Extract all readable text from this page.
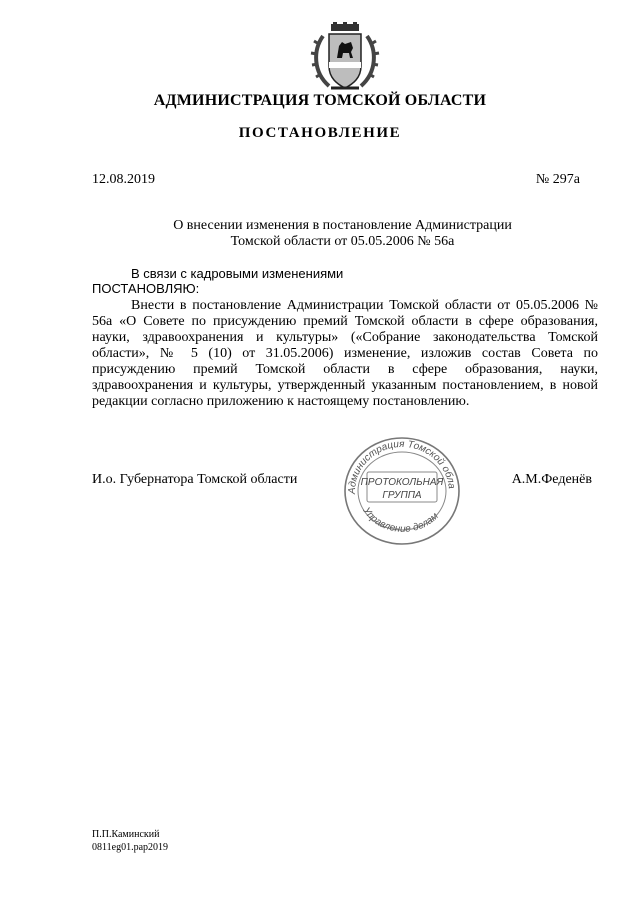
АДМИНИСТРАЦИЯ ТОМСКОЙ ОБЛАСТИ
ПОСТАНОВЛЕНИЕ
12.08.2019	№ 297а
О внесении изменения в постановление Администрации
Томской области от 05.05.2006 № 56а
В связи с кадровыми изменениями
ПОСТАНОВЛЯЮ:
Внести в постановление Администрации Томской области от 05.05.2006 № 56а «О Совете по присуждению премий Томской области в сфере образования, науки, здравоохранения и культуры» («Собрание законодательства Томской области», № 5 (10) от 31.05.2006) изменение, изложив состав Совета по присуждению премий Томской области в сфере образования, науки, здравоохранения и культуры, утвержденный указанным постановлением, в новой редакции согласно приложению к настоящему постановлению.
И.о. Губернатора Томской области	А.М.Феденёв
Администрация Томской обла
Управление делам
ПРОТОКОЛЬНАЯ
ГРУППА
П.П.Каминский
0811eg01.pap2019
